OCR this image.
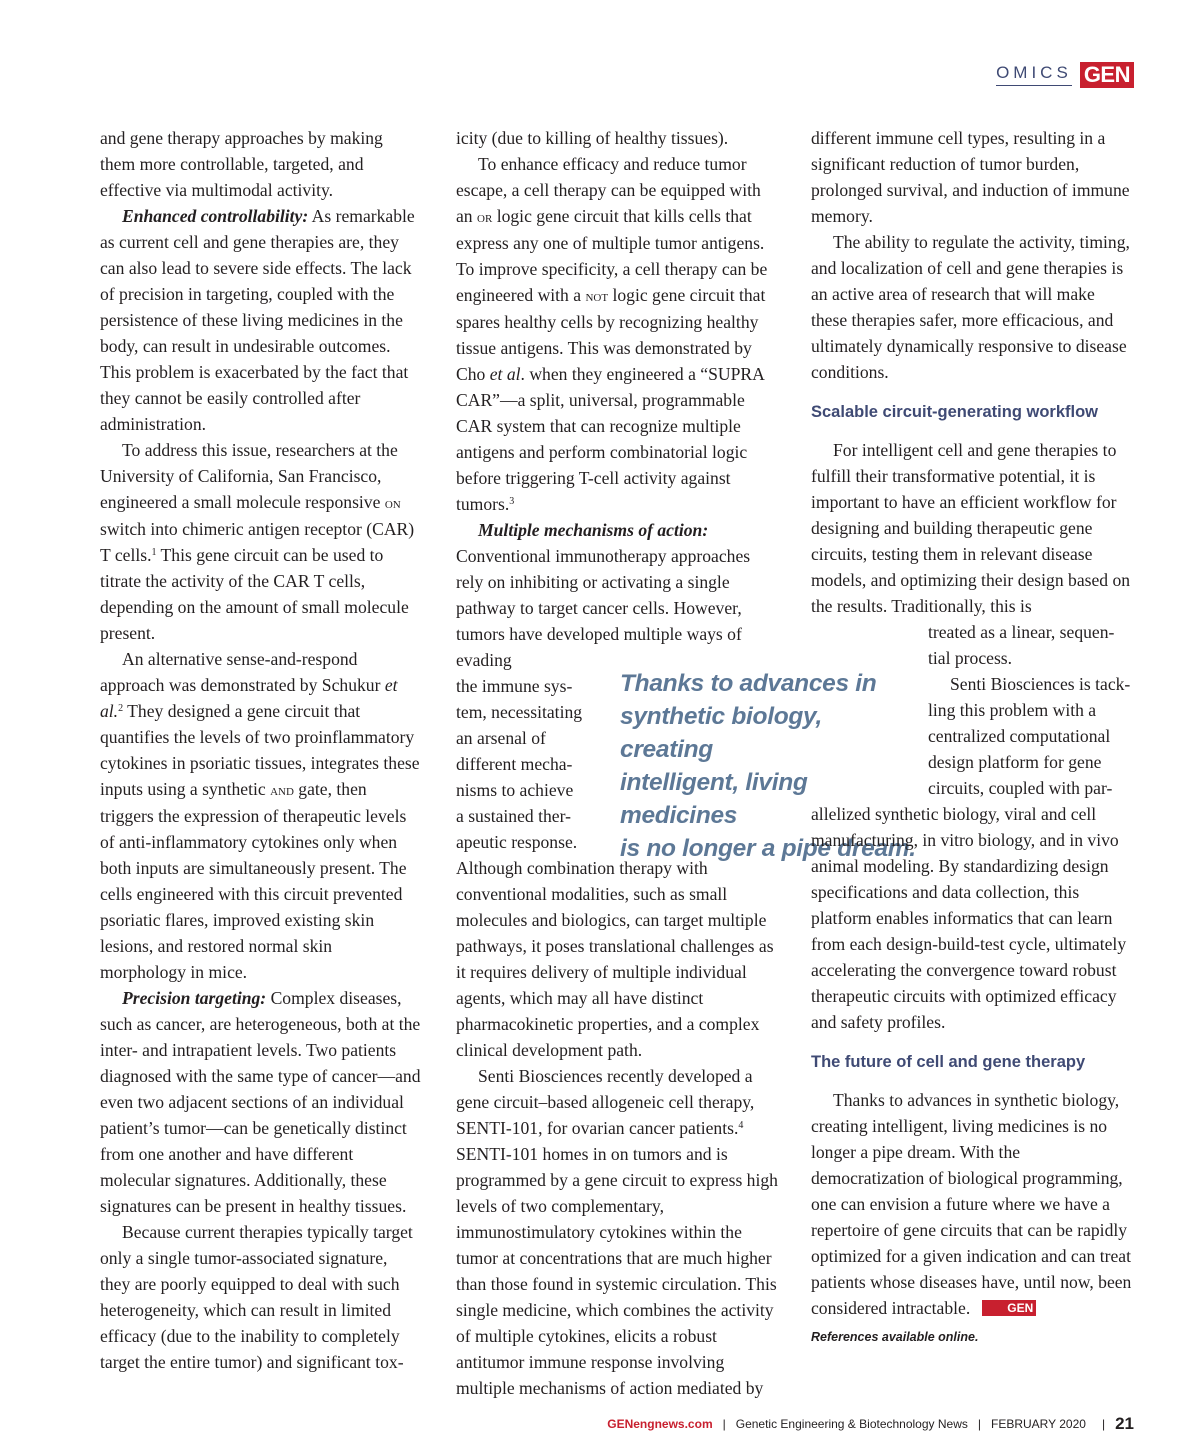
OMICS GEN

and gene therapy approaches by making them more controllable, targeted, and effective via multimodal activity.

Enhanced controllability: As remarkable as current cell and gene therapies are, they can also lead to severe side effects. The lack of precision in targeting, coupled with the persistence of these living medicines in the body, can result in undesirable outcomes. This problem is exacerbated by the fact that they cannot be easily controlled after administration.

To address this issue, researchers at the University of California, San Francisco, engineered a small molecule responsive on switch into chimeric antigen receptor (CAR) T cells.$^1$ This gene circuit can be used to titrate the activity of the CAR T cells, depending on the amount of small molecule present.

An alternative sense-and-respond approach was demonstrated by Schukur et al.$^2$ They designed a gene circuit that quantifies the levels of two proinflammatory cytokines in psoriatic tissues, integrates these inputs using a synthetic and gate, then triggers the expression of therapeutic levels of anti-inflammatory cytokines only when both inputs are simultaneously present. The cells engineered with this circuit prevented psoriatic flares, improved existing skin lesions, and restored normal skin morphology in mice.

Precision targeting: Complex diseases, such as cancer, are heterogeneous, both at the inter- and intrapatient levels. Two patients diagnosed with the same type of cancer—and even two adjacent sections of an individual patient’s tumor—can be genetically distinct from one another and have different molecular signatures. Additionally, these signatures can be present in healthy tissues.

Because current therapies typically target only a single tumor-associated signature, they are poorly equipped to deal with such heterogeneity, which can result in limited efficacy (due to the inability to completely target the entire tumor) and significant tox-

icity (due to killing of healthy tissues).

To enhance efficacy and reduce tumor escape, a cell therapy can be equipped with an or logic gene circuit that kills cells that express any one of multiple tumor antigens. To improve specificity, a cell therapy can be engineered with a not logic gene circuit that spares healthy cells by recognizing healthy tissue antigens. This was demonstrated by Cho et al. when they engineered a “SUPRA CAR”—a split, universal, programmable CAR system that can recognize multiple antigens and perform combinatorial logic before triggering T-cell activity against tumors.$^3$

Multiple mechanisms of action: Conventional immunotherapy approaches rely on inhibiting or activating a single pathway to target cancer cells. However, tumors have developed multiple ways of evading

the immune sys-
tem, necessitating
an arsenal of
different mecha-
nisms to achieve
a sustained ther-
apeutic response.

Although combination therapy with conventional modalities, such as small molecules and biologics, can target multiple pathways, it poses translational challenges as it requires delivery of multiple individual agents, which may all have distinct pharmacokinetic properties, and a complex clinical development path.

Senti Biosciences recently developed a gene circuit–based allogeneic cell therapy, SENTI-101, for ovarian cancer patients.$^4$ SENTI-101 homes in on tumors and is programmed by a gene circuit to express high levels of two complementary, immunostimulatory cytokines within the tumor at concentrations that are much higher than those found in systemic circulation. This single medicine, which combines the activity of multiple cytokines, elicits a robust antitumor immune response involving multiple mechanisms of action mediated by

Thanks to advances in
synthetic biology, creating
intelligent, living medicines
is no longer a pipe dream.

different immune cell types, resulting in a significant reduction of tumor burden, prolonged survival, and induction of immune memory.

The ability to regulate the activity, timing, and localization of cell and gene therapies is an active area of research that will make these therapies safer, more efficacious, and ultimately dynamically responsive to disease conditions.

Scalable circuit-generating workflow

For intelligent cell and gene therapies to fulfill their transformative potential, it is important to have an efficient workflow for designing and building therapeutic gene circuits, testing them in relevant disease models, and optimizing their design based on the results. Traditionally, this is

treated as a linear, sequen-
tial process.
Senti Biosciences is tack-
ling this problem with a
centralized computational
design platform for gene
circuits, coupled with par-

allelized synthetic biology, viral and cell manufacturing, in vitro biology, and in vivo animal modeling. By standardizing design specifications and data collection, this platform enables informatics that can learn from each design-build-test cycle, ultimately accelerating the convergence toward robust therapeutic circuits with optimized efficacy and safety profiles.

The future of cell and gene therapy

Thanks to advances in synthetic biology, creating intelligent, living medicines is no longer a pipe dream. With the democratization of biological programming, one can envision a future where we have a repertoire of gene circuits that can be rapidly optimized for a given indication and can treat patients whose diseases have, until now, been considered intractable.	GEN

References available online.
GENengnews.com | Genetic Engineering & Biotechnology News | FEBRUARY 2020 | 21
